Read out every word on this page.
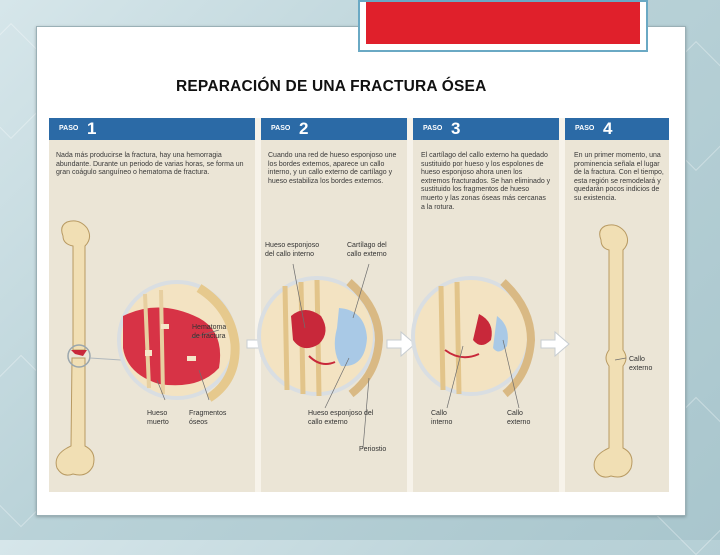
REPARACIÓN DE UNA FRACTURA ÓSEA
PASO 1	PASO 2	PASO 3	PASO 4
Nada más producirse la fractura, hay una hemorragia abundante. Durante un periodo de varias horas, se forma un gran coágulo sanguíneo o hematoma de fractura.
Cuando una red de hueso esponjoso une los bordes externos, aparece un callo interno, y un callo externo de cartílago y hueso estabiliza los bordes externos.
El cartílago del callo externo ha quedado sustituido por hueso y los espolones de hueso esponjoso ahora unen los extremos fracturados. Se han eliminado y sustituido los fragmentos de hueso muerto y las zonas óseas más cercanas a la rotura.
En un primer momento, una prominencia señala el lugar de la fractura. Con el tiempo, esta región se remodelará y quedarán pocos indicios de su existencia.
Hematoma de fractura
Hueso muerto
Fragmentos óseos
Hueso esponjoso del callo interno
Cartílago del callo externo
Hueso esponjoso del callo externo
Periostio
Callo interno
Callo externo
Callo externo
